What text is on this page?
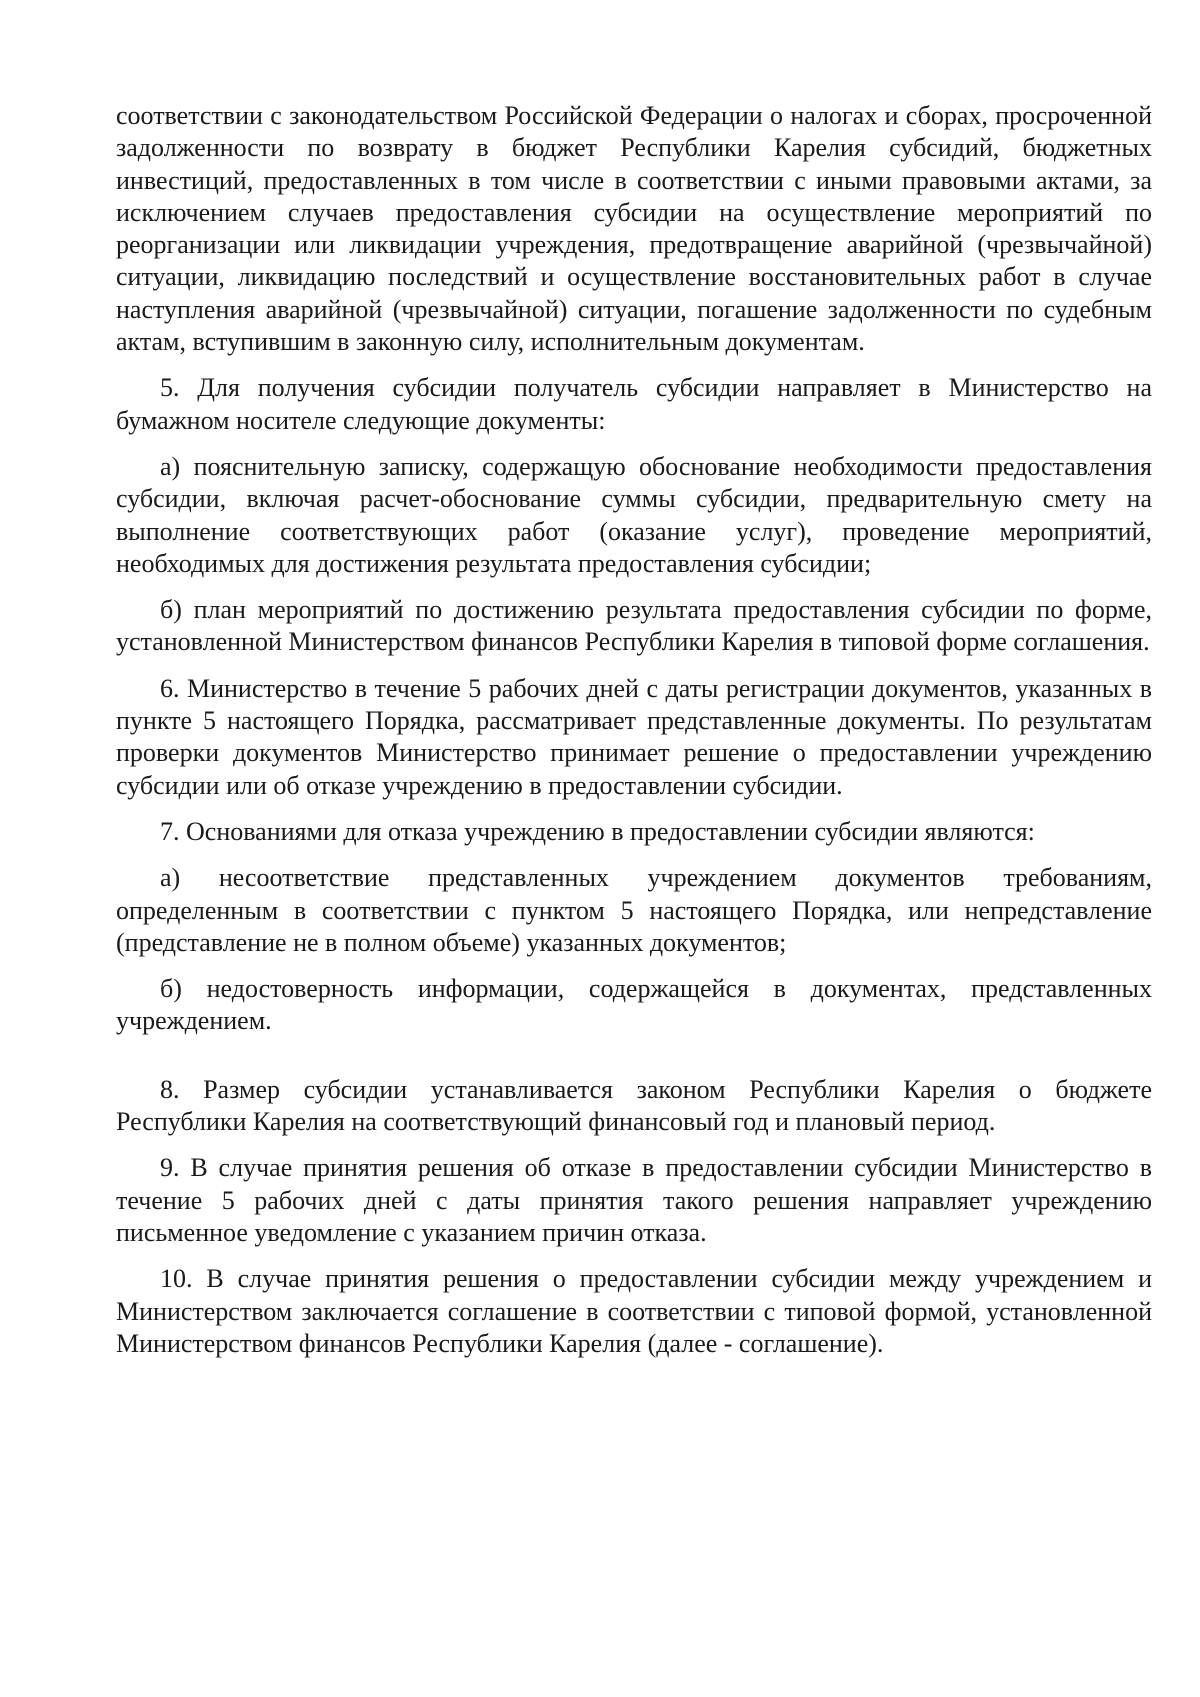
соответствии с законодательством Российской Федерации о налогах и сборах, просроченной задолженности по возврату в бюджет Республики Карелия субсидий, бюджетных инвестиций, предоставленных в том числе в соответствии с иными правовыми актами, за исключением случаев предоставления субсидии на осуществление мероприятий по реорганизации или ликвидации учреждения, предотвращение аварийной (чрезвычайной) ситуации, ликвидацию последствий и осуществление восстановительных работ в случае наступления аварийной (чрезвычайной) ситуации, погашение задолженности по судебным актам, вступившим в законную силу, исполнительным документам.

5. Для получения субсидии получатель субсидии направляет в Министерство на бумажном носителе следующие документы:

а) пояснительную записку, содержащую обоснование необходимости предоставления субсидии, включая расчет-обоснование суммы субсидии, предварительную смету на выполнение соответствующих работ (оказание услуг), проведение мероприятий, необходимых для достижения результата предоставления субсидии;

б) план мероприятий по достижению результата предоставления субсидии по форме, установленной Министерством финансов Республики Карелия в типовой форме соглашения.

6. Министерство в течение 5 рабочих дней с даты регистрации документов, указанных в пункте 5 настоящего Порядка, рассматривает представленные документы. По результатам проверки документов Министерство принимает решение о предоставлении учреждению субсидии или об отказе учреждению в предоставлении субсидии.

7. Основаниями для отказа учреждению в предоставлении субсидии являются:

а) несоответствие представленных учреждением документов требованиям, определенным в соответствии с пунктом 5 настоящего Порядка, или непредставление (представление не в полном объеме) указанных документов;

б) недостоверность информации, содержащейся в документах, представленных учреждением.

8. Размер субсидии устанавливается законом Республики Карелия о бюджете Республики Карелия на соответствующий финансовый год и плановый период.

9. В случае принятия решения об отказе в предоставлении субсидии Министерство в течение 5 рабочих дней с даты принятия такого решения направляет учреждению письменное уведомление с указанием причин отказа.

10. В случае принятия решения о предоставлении субсидии между учреждением и Министерством заключается соглашение в соответствии с типовой формой, установленной Министерством финансов Республики Карелия (далее - соглашение).
